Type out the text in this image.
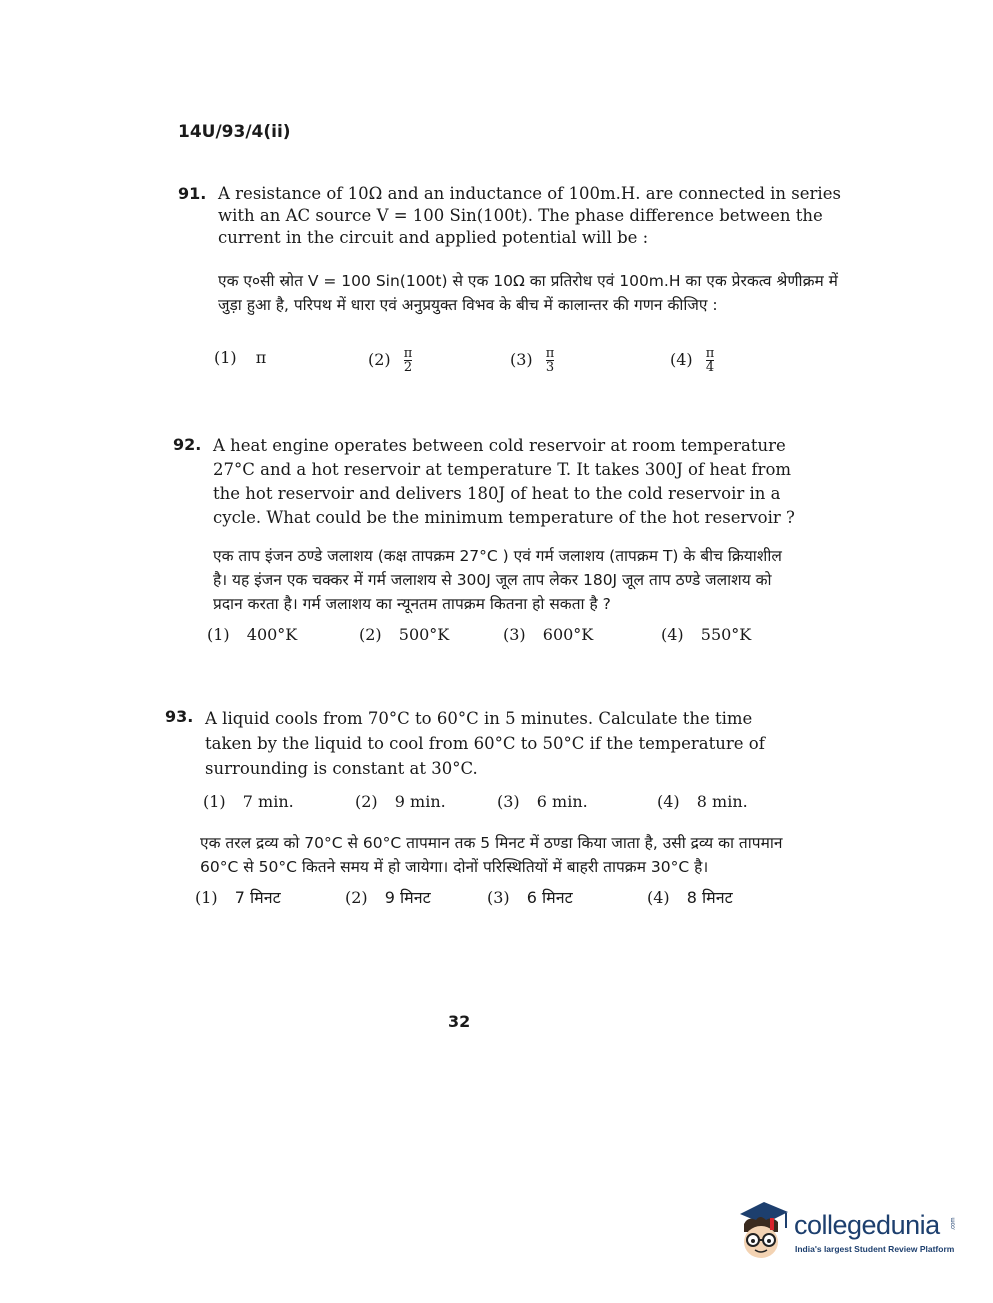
14U/93/4(ii)
91. A resistance of 10Ω and an inductance of 100m.H. are connected in series with an AC source V = 100 Sin(100t). The phase difference between the current in the circuit and applied potential will be :

एक ए०सी स्रोत V = 100 Sin(100t) से एक 10Ω का प्रतिरोध एवं 100m.H का एक प्रेरकत्व श्रेणीक्रम में जुड़ा हुआ है, परिपथ में धारा एवं अनुप्रयुक्त विभव के बीच में कालान्तर की गणन कीजिए :

(1) π	$(2) \frac{\pi}{2}$	$(3) \frac{\pi}{3}$	$(4) \frac{\pi}{4}$
92. A heat engine operates between cold reservoir at room temperature 27°C and a hot reservoir at temperature T. It takes 300J of heat from the hot reservoir and delivers 180J of heat to the cold reservoir in a cycle. What could be the minimum temperature of the hot reservoir ?

एक ताप इंजन ठण्डे जलाशय (कक्ष तापक्रम 27°C ) एवं गर्म जलाशय (तापक्रम T) के बीच क्रियाशील है। यह इंजन एक चक्कर में गर्म जलाशय से 300J जूल ताप लेकर 180J जूल ताप ठण्डे जलाशय को प्रदान करता है। गर्म जलाशय का न्यूनतम तापक्रम कितना हो सकता है ?

(1) 400°K	(2) 500°K	(3) 600°K	(4) 550°K
93. A liquid cools from 70°C to 60°C in 5 minutes. Calculate the time taken by the liquid to cool from 60°C to 50°C if the temperature of surrounding is constant at 30°C.

(1) 7 min.	(2) 9 min.	(3) 6 min.	(4) 8 min.

एक तरल द्रव्य को 70°C से 60°C तापमान तक 5 मिनट में ठण्डा किया जाता है, उसी द्रव्य का तापमान 60°C से 50°C कितने समय में हो जायेगा। दोनों परिस्थितियों में बाहरी तापक्रम 30°C है।

(1) 7 मिनट	(2) 9 मिनट	(3) 6 मिनट	(4) 8 मिनट
32
collegedunia .com
India's largest Student Review Platform
